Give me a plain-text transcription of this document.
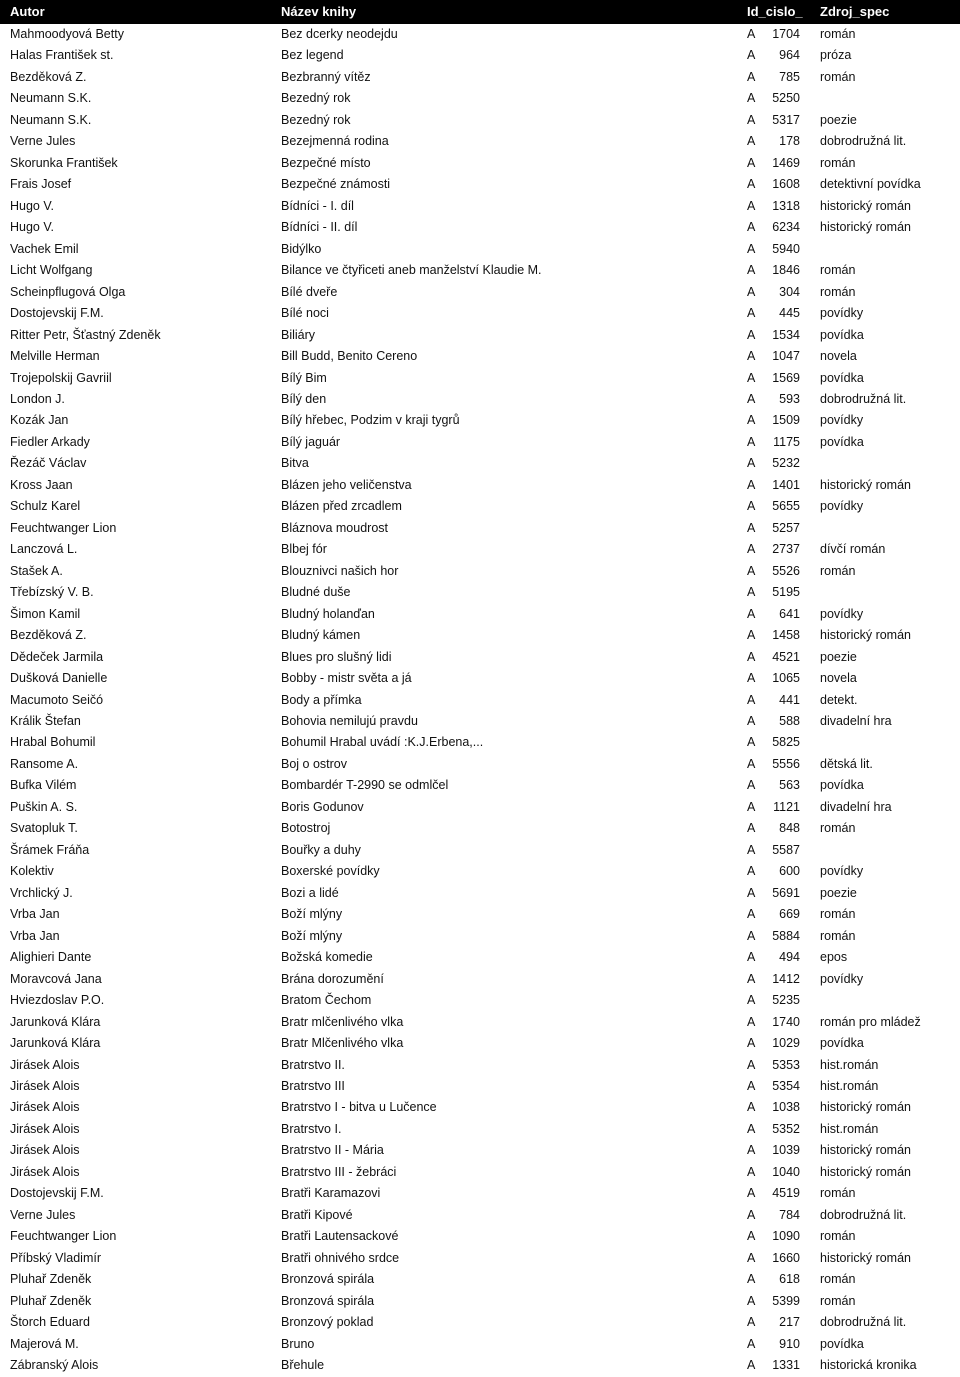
Autor	Název knihy	Id_cislo_ Zdroj_spec
Mahmoodyová Betty	Bez dcerky neodejdu	A	1704 román
Halas František st.	Bez legend	A	964 próza
Bezděková Z.	Bezbranný vítěz	A	785 román
Neumann S.K.	Bezedný rok	A	5250
Neumann S.K.	Bezedný rok	A	5317 poezie
Verne Jules	Bezejmenná rodina	A	178 dobrodružná lit.
Skorunka František	Bezpečné místo	A	1469 román
Frais Josef	Bezpečné známosti	A	1608 detektivní povídka
Hugo V.	Bídníci - I. díl	A	1318 historický román
Hugo V.	Bídníci - II. díl	A	6234 historický román
Vachek Emil	Bidýlko	A	5940
Licht Wolfgang	Bilance ve čtyřiceti aneb manželství Klaudie M.	A	1846 román
Scheinpflugová Olga	Bílé dveře	A	304 román
Dostojevskij F.M.	Bílé noci	A	445 povídky
Ritter Petr, Šťastný Zdeněk	Biliáry	A	1534 povídka
Melville Herman	Bill Budd, Benito Cereno	A	1047 novela
Trojepolskij Gavriil	Bílý Bim	A	1569 povídka
London J.	Bílý den	A	593 dobrodružná lit.
Kozák Jan	Bílý hřebec, Podzim v kraji tygrů	A	1509 povídky
Fiedler Arkady	Bílý jaguár	A	1175 povídka
Řezáč Václav	Bitva	A	5232
Kross Jaan	Blázen jeho veličenstva	A	1401 historický román
Schulz Karel	Blázen před zrcadlem	A	5655 povídky
Feuchtwanger Lion	Bláznova moudrost	A	5257
Lanczová L.	Blbej fór	A	2737 dívčí román
Stašek A.	Blouznivci našich hor	A	5526 román
Třebízský V. B.	Bludné duše	A	5195
Šimon Kamil	Bludný holanďan	A	641 povídky
Bezděková Z.	Bludný kámen	A	1458 historický román
Dědeček Jarmila	Blues pro slušný lidi	A	4521 poezie
Dušková Danielle	Bobby - mistr světa a já	A	1065 novela
Macumoto Seičó	Body a přímka	A	441 detekt.
Králik Štefan	Bohovia nemilujú pravdu	A	588 divadelní hra
Hrabal Bohumil	Bohumil Hrabal uvádí :K.J.Erbena,...	A	5825
Ransome A.	Boj o ostrov	A	5556 dětská lit.
Bufka Vilém	Bombardér T-2990 se odmlčel	A	563 povídka
Puškin A. S.	Boris Godunov	A	1121 divadelní hra
Svatopluk T.	Botostroj	A	848 román
Šrámek Fráňa	Bouřky a duhy	A	5587
Kolektiv	Boxerské povídky	A	600 povídky
Vrchlický J.	Bozi a lidé	A	5691 poezie
Vrba Jan	Boží mlýny	A	669 román
Vrba Jan	Boží mlýny	A	5884 román
Alighieri Dante	Božská komedie	A	494 epos
Moravcová Jana	Brána dorozumění	A	1412 povídky
Hviezdoslav P.O.	Bratom Čechom	A	5235
Jarunková Klára	Bratr mlčenlivého vlka	A	1740 román pro mládež
Jarunková Klára	Bratr Mlčenlivého vlka	A	1029 povídka
Jirásek Alois	Bratrstvo II.	A	5353 hist.román
Jirásek Alois	Bratrstvo III	A	5354 hist.román
Jirásek Alois	Bratrstvo I - bitva u Lučence	A	1038 historický román
Jirásek Alois	Bratrstvo I.	A	5352 hist.román
Jirásek Alois	Bratrstvo II - Mária	A	1039 historický román
Jirásek Alois	Bratrstvo III - žebráci	A	1040 historický román
Dostojevskij F.M.	Bratři Karamazovi	A	4519 román
Verne Jules	Bratři Kipové	A	784 dobrodružná lit.
Feuchtwanger Lion	Bratři Lautensackové	A	1090 román
Příbský Vladimír	Bratři ohnivého srdce	A	1660 historický román
Pluhař Zdeněk	Bronzová spirála	A	618 román
Pluhař Zdeněk	Bronzová spirála	A	5399 román
Štorch Eduard	Bronzový poklad	A	217 dobrodružná lit.
Majerová M.	Bruno	A	910 povídka
Zábranský Alois	Břehule	A	1331 historická kronika
